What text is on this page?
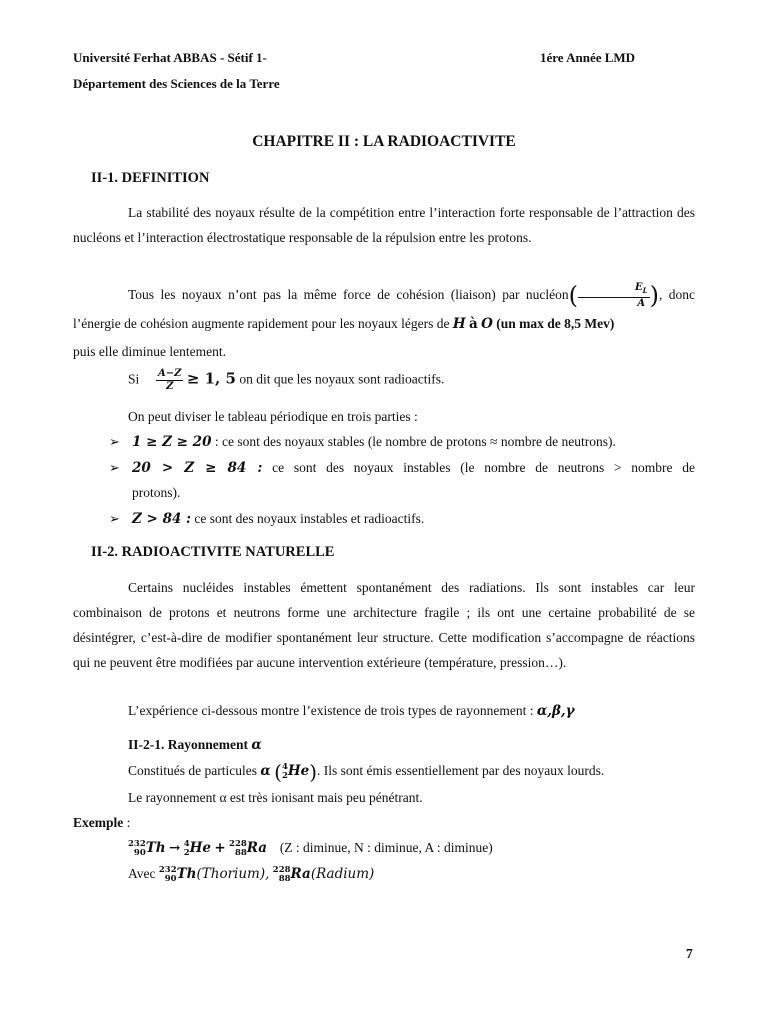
Université Ferhat ABBAS - Sétif 1-	1ére Année LMD
Département des Sciences de la Terre
CHAPITRE II : LA RADIOACTIVITE
II-1. DEFINITION
La stabilité des noyaux résulte de la compétition entre l’interaction forte responsable de l’attraction des nucléons et l’interaction électrostatique responsable de la répulsion entre les protons.
Tous les noyaux n’ont pas la même force de cohésion (liaison) par nucléon( $\frac{E_L}{A}$ ), donc l’énergie de cohésion augmente rapidement pour les noyaux légers de H à O (un max de 8,5 Mev)
puis elle diminue lentement.
Si $\frac{A-Z}{Z} \ge 1$, 5 on dit que les noyaux sont radioactifs.
On peut diviser le tableau périodique en trois parties :
➢ 1 ≥ Z ≥ 20 : ce sont des noyaux stables (le nombre de protons ≈ nombre de neutrons).
➢ 20 > Z ≥ 84 : ce sont des noyaux instables (le nombre de neutrons > nombre de
protons).
➢ Z > 84 : ce sont des noyaux instables et radioactifs.
II-2. RADIOACTIVITE NATURELLE
Certains nucléides instables émettent spontanément des radiations. Ils sont instables car leur combinaison de protons et neutrons forme une architecture fragile ; ils ont une certaine probabilité de se désintégrer, c’est-à-dire de modifier spontanément leur structure. Cette modification s’accompagne de réactions qui ne peuvent être modifiées par aucune intervention extérieure (température, pression…).
L’expérience ci-dessous montre l’existence de trois types de rayonnement : α,β,γ
II-2-1. Rayonnement α
Constitués de particules α ( 4
2 He). Ils sont émis essentiellement par des noyaux lourds.
Le rayonnement α est très ionisant mais peu pénétrant.
Exemple :
232
90 Th → 4
2 He + 228
88 Ra (Z : diminue, N : diminue, A : diminue)
Avec 232
90 Th(Thorium), 228
88 Ra(Radium)
7
